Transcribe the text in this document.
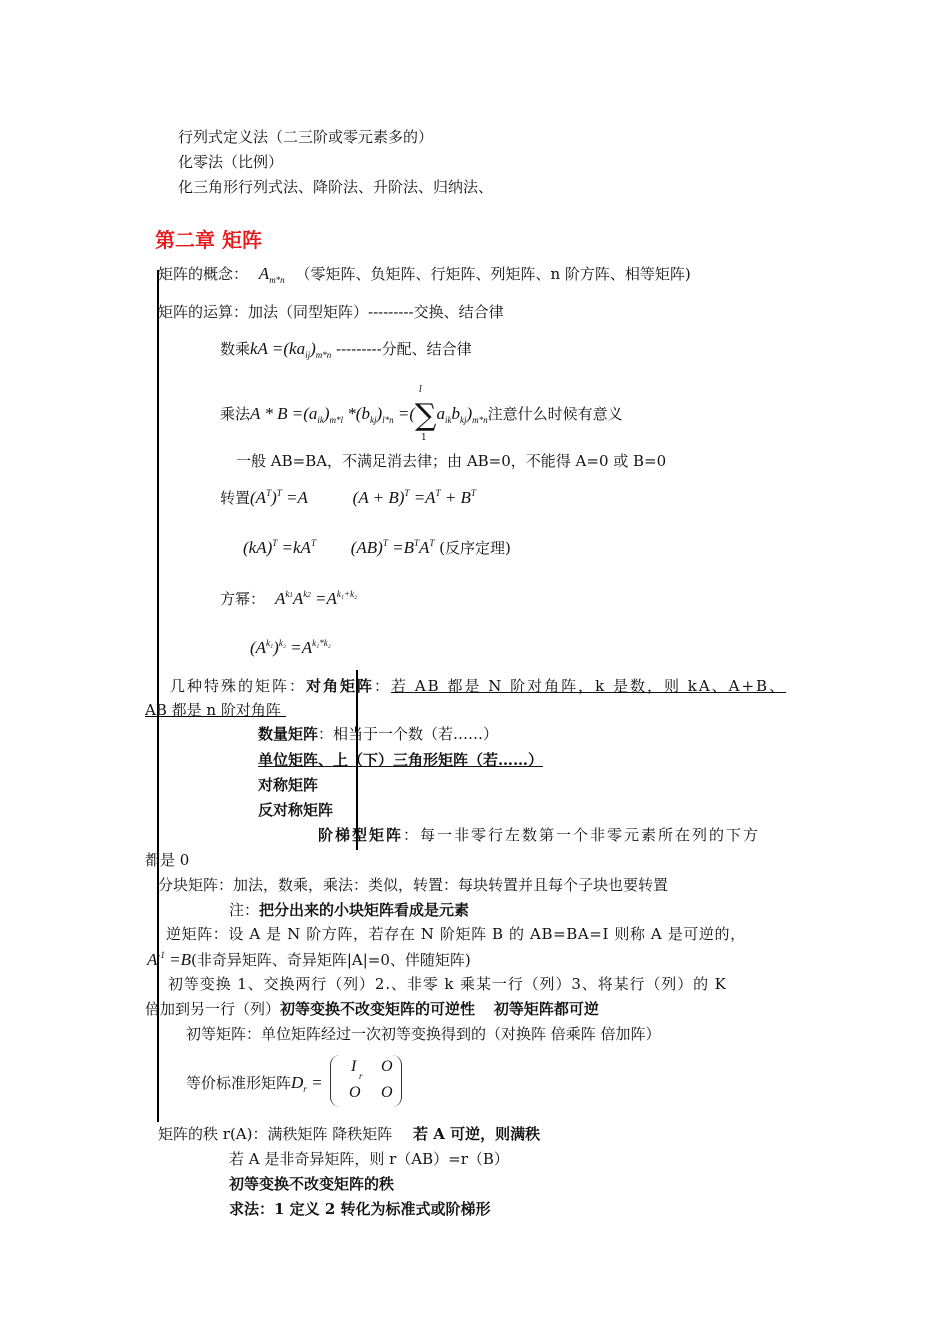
行列式定义法（二三阶或零元素多的）
化零法（比例）
化三角形行列式法、降阶法、升阶法、归纳法、
第二章 矩阵
矩阵的概念： $A_{m*n}$ （零矩阵、负矩阵、行矩阵、列矩阵、n 阶方阵、相等矩阵)
矩阵的运算：加法（同型矩阵）---------交换、结合律
数乘kA $=(ka_{ij})_{m*n}$ ---------分配、结合律
乘法$A * B =(a_{ik})_{m*l}$ $*(b_{kj})_{l*n}$ =(
l
∑
1
$a_{ik}b_{kj})_{m*n}$注意什么时候有意义
一般 AB=BA，不满足消去律；由 AB=0，不能得 A=0 或 B=0
转置$(A^T)^T =A$	$(A + B)^T =A^T + B^T$
$(kA)^T =kA^T$ $(AB)^T =B^TA^T$ (反序定理)
方幂： $A^{k1}A^{k2} =A^{k_1+k_2}$
$(A^{k_1})^{k_2} =A^{k_1*k_2}$
几种特殊的矩阵：对角矩阵：若 AB 都是 N 阶对角阵，k 是数，则 kA、A+B、
AB 都是 n 阶对角阵
数量矩阵：相当于一个数（若……）
单位矩阵、上（下）三角形矩阵（若……）
对称矩阵
反对称矩阵
阶梯型矩阵：每一非零行左数第一个非零元素所在列的下方
都是 0
分块矩阵：加法，数乘，乘法：类似，转置：每块转置并且每个子块也要转置
注：把分出来的小块矩阵看成是元素
逆矩阵：设 A 是 N 阶方阵，若存在 N 阶矩阵 B 的 AB=BA=I 则称 A 是可逆的，
$A^{-1} =B$(非奇异矩阵、奇异矩阵|A|=0、伴随矩阵)
初等变换 1、交换两行（列）2.、非零 k 乘某一行（列）3、将某行（列）的 K
倍加到另一行（列）初等变换不改变矩阵的可逆性 初等矩阵都可逆
初等矩阵：单位矩阵经过一次初等变换得到的（对换阵 倍乘阵 倍加阵）
等价标准形矩阵$D_r$ =
I
r
O
O O
矩阵的秩 r(A)：满秩矩阵 降秩矩阵 若 A 可逆，则满秩
若 A 是非奇异矩阵，则 r（AB）=r（B）
初等变换不改变矩阵的秩
求法：1 定义 2 转化为标准式或阶梯形
